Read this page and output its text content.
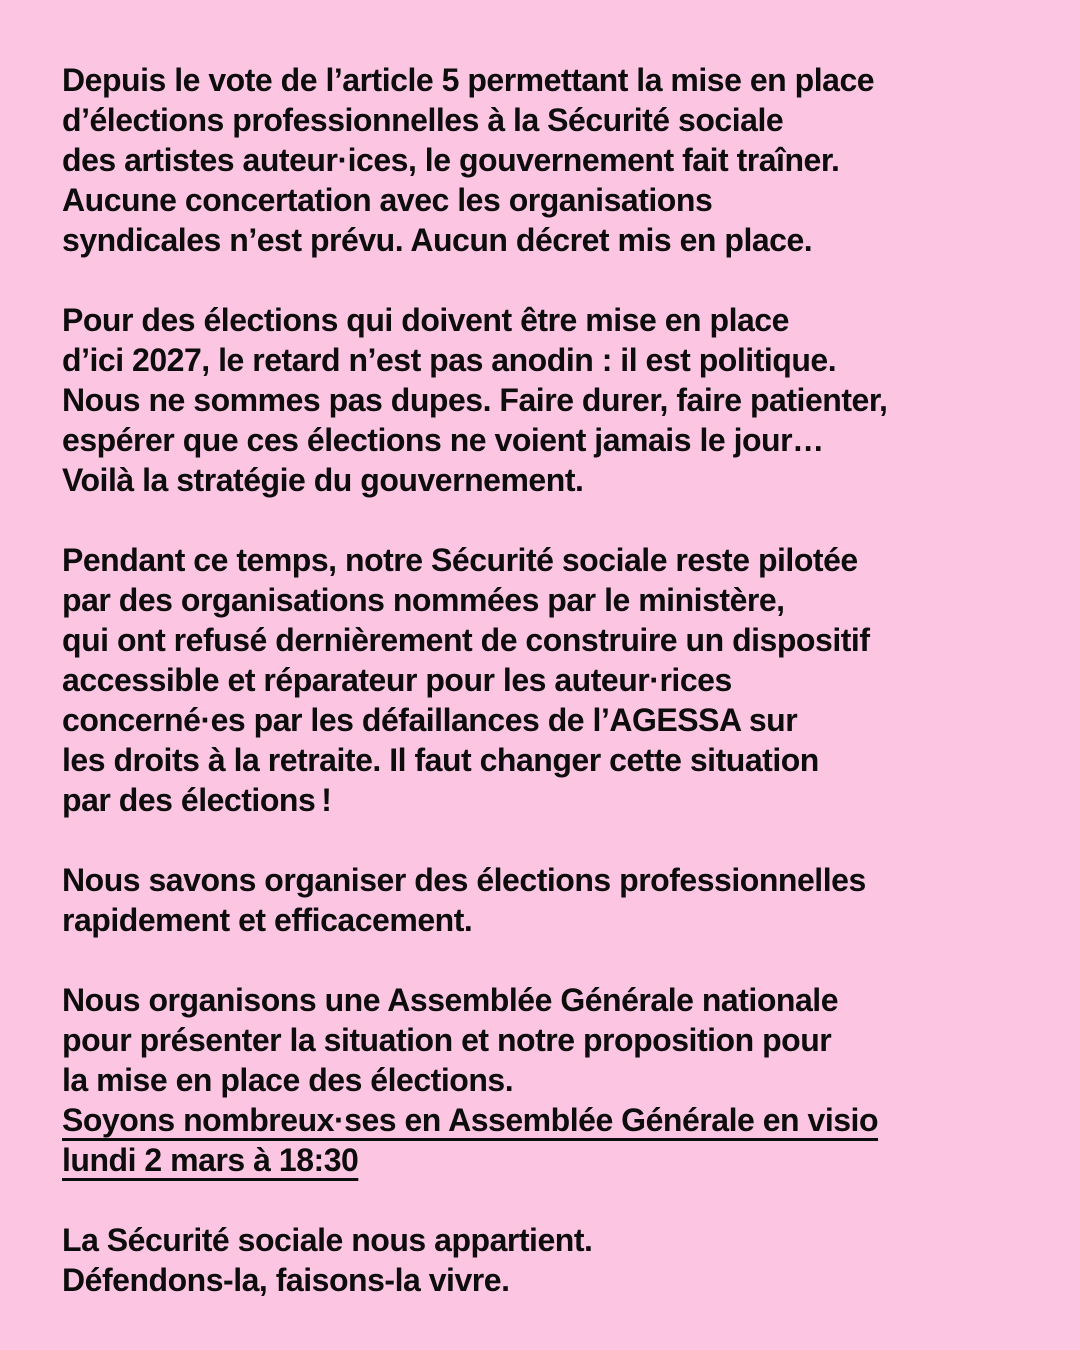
Depuis le vote de l’article 5 permettant la mise en place

d’élections professionnelles à la Sécurité sociale

des artistes auteur·ices, le gouvernement fait traîner.

Aucune concertation avec les organisations

syndicales n’est prévu. Aucun décret mis en place.

Pour des élections qui doivent être mise en place

d’ici 2027, le retard n’est pas anodin : il est politique.

Nous ne sommes pas dupes. Faire durer, faire patienter,

espérer que ces élections ne voient jamais le jour…

Voilà la stratégie du gouvernement.

Pendant ce temps, notre Sécurité sociale reste pilotée

par des organisations nommées par le ministère,

qui ont refusé dernièrement de construire un dispositif

accessible et réparateur pour les auteur·rices

concerné·es par les défaillances de l’AGESSA sur

les droits à la retraite. Il faut changer cette situation

par des élections !

Nous savons organiser des élections professionnelles

rapidement et efficacement.

Nous organisons une Assemblée Générale nationale

pour présenter la situation et notre proposition pour

la mise en place des élections.

Soyons nombreux·ses en Assemblée Générale en visio

lundi 2 mars à 18:30

La Sécurité sociale nous appartient.

Défendons-la, faisons-la vivre.
